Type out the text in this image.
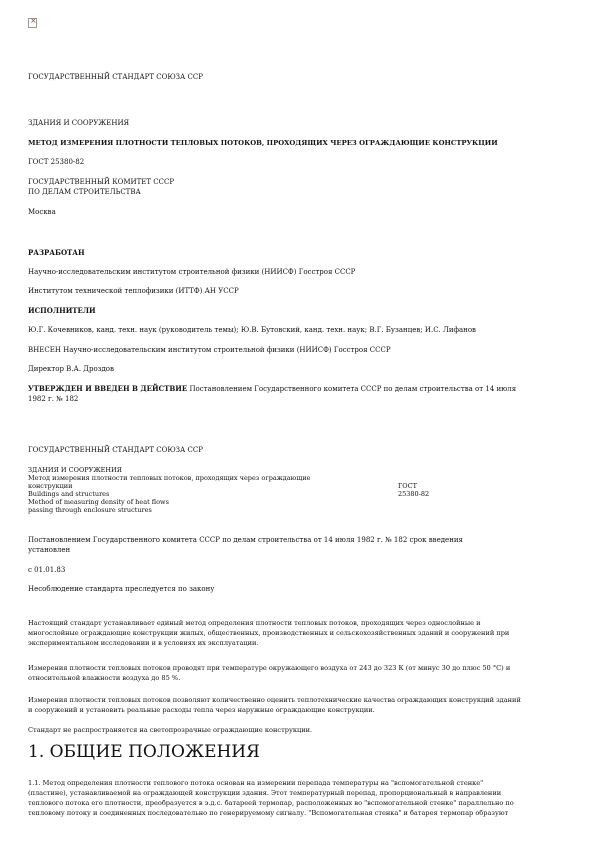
×
ГОСУДАРСТВЕННЫЙ СТАНДАРТ СОЮЗА ССР
ЗДАНИЯ И СООРУЖЕНИЯ
МЕТОД ИЗМЕРЕНИЯ ПЛОТНОСТИ ТЕПЛОВЫХ ПОТОКОВ, ПРОХОДЯЩИХ ЧЕРЕЗ ОГРАЖДАЮЩИЕ КОНСТРУКЦИИ
ГОСТ 25380-82
ГОСУДАРСТВЕННЫЙ КОМИТЕТ СССР
ПО ДЕЛАМ СТРОИТЕЛЬСТВА
Москва
РАЗРАБОТАН
Научно-исследовательским институтом строительной физики (НИИСФ) Госстроя СССР
Институтом технической теплофизики (ИТТФ) АН УССР
ИСПОЛНИТЕЛИ
Ю.Г. Кочевников, канд. техн. наук (руководитель темы); Ю.В. Бутовский, канд. техн. наук; В.Г. Бузанцев; И.С. Лифанов
ВНЕСЕН Научно-исследовательским институтом строительной физики (НИИСФ) Госстроя СССР
Директор В.А. Дроздов
УТВЕРЖДЕН И ВВЕДЕН В ДЕЙСТВИЕ Постановлением Государственного комитета СССР по делам строительства от 14 июля
1982 г. № 182
ГОСУДАРСТВЕННЫЙ СТАНДАРТ СОЮЗА ССР
ЗДАНИЯ И СООРУЖЕНИЯ
Метод измерения плотности тепловых потоков, проходящих через ограждающие
конструкции	ГОСТ
Buildings and structures	25380-82
Method of measuring density of heat flows
passing through enclosure structures
Постановлением Государственного комитета СССР по делам строительства от 14 июля 1982 г. № 182 срок введения
установлен
с 01.01.83
Несоблюдение стандарта преследуется по закону
Настоящий стандарт устанавливает единый метод определения плотности тепловых потоков, проходящих через однослойные и
многослойные ограждающие конструкции жилых, общественных, производственных и сельскохозяйственных зданий и сооружений при
экспериментальном исследовании и в условиях их эксплуатации.
Измерения плотности тепловых потоков проводят при температуре окружающего воздуха от 243 до 323 К (от минус 30 до плюс 50 °С) и
относительной влажности воздуха до 85 %.
Измерения плотности тепловых потоков позволяют количественно оценить теплотехнические качества ограждающих конструкций зданий
и сооружений и установить реальные расходы тепла через наружные ограждающие конструкции.
Стандарт не распространяется на светопрозрачные ограждающие конструкции.
1. ОБЩИЕ ПОЛОЖЕНИЯ
1.1. Метод определения плотности теплового потока основан на измерении перепада температуры на "вспомогательной стенке"
(пластине), устанавливаемой на ограждающей конструкции здания. Этот температурный перепад, пропорциональный в направлении
теплового потока его плотности, преобразуется в э.д.с. батареей термопар, расположенных во "вспомогательной стенке" параллельно по
тепловому потоку и соединенных последовательно по генерируемому сигналу. "Вспомогательная стенка" и батарея термопар образуют
